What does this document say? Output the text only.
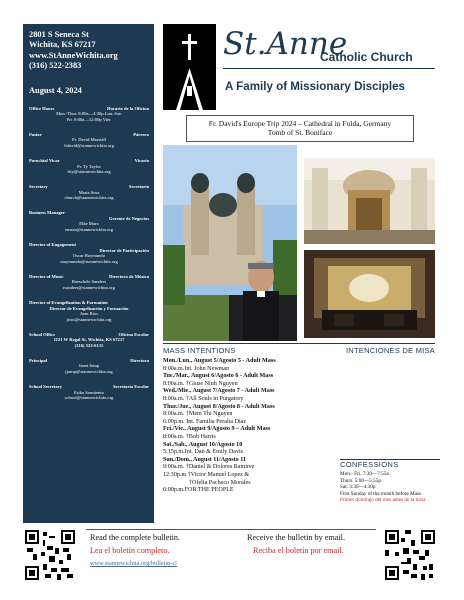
2801 S Seneca St
Wichita, KS 67217
www.StAnneWichita.org
(316) 522-2383
August 4, 2024
Office Hours	Horario de la Oficina
Mon.-Thur. 8:00a—4:30p Lun.-Jue.
Fri. 8:00a—12:00p Vier.
Pastor	Párroco
Fr. David Marstall
frdavid@stannewichita.org
Parochial Vicar	Vicario
Fr. Ty Taylor
frty@stannewichita.org
Secretary	Secretaria
Maria Sosa
church@stannewichita.org
Business Manager
Gerente de Negocios
Elke Marx
emarx@stannewichita.org
Director of Engagement
Director de Participación
Oscar Raymundo
oraymundo@stannewichita.org
Director of Music	Directora de Música
Raeschele Sanders
rsanders@stannewichita.org
Director of Evangelization & Formation
Director de Evangelización y Formación
Juan Rios
jrios@stannewichita.org
School Office	Oficina Escolar
1121 W Regal St, Wichita, KS 67217
(316) 522-6131
Principal	Directora
Janet Jump
jjump@stannewichita.org
School Secretary	Secretaria Escolar
Erika Sarmiento
school@stannewichita.org
St.Anne
Catholic Church
A Family of Missionary Disciples
Fr. David's Europe Trip 2024 – Cathedral in Fulda, Germany
Tomb of St. Boniface
MASS INTENTIONS	INTENCIONES DE MISA
Mon./Lun., August 5/Agosto 5 - Adult Mass
8:00a.m.Int. John Newman
Tue./Mar., August 6/Agosto 6 - Adult Mass
8:00a.m. †Giuse Ninh Nguyen
Wed./Mie., August 7/Agosto 7 - Adult Mass
8:00a.m. †All Souls in Purgatory
Thur./Jue., August 8/Agosto 8 - Adult Mass
8:00a.m. †Mem Thi Nguyen
6:00p.m. Int. Familia Peralta Diaz
Fri./Vie., August 9/Agosto 9 – Adult Mass
8:00a.m. †Bob Harris
Sat./Sab., August 10/Agosto 10
5:15p.m.Int. Dan & Emily Davis
Sun./Dom., August 11/Agosto 11
9:00a.m. †Daniel & Dolores Ramirez
12:30p.m †Victor Manuel Lopez &
†Ofelia Pacheco Morales
6:00p.m.FOR THE PEOPLE
CONFESSIONS
Mon.- Fri. 7:30—7:55a
Thurs. 5:00—5:55p
Sat. 3:30—4:30p
First Sunday of the month before Mass
Primer domingo del mes antes de la misa
Read the complete bulletin.
Lea el boletín completo.
www.stannewichita.org/bulletin-cl
Receive the bulletin by email.
Reciba el boletín por email.
